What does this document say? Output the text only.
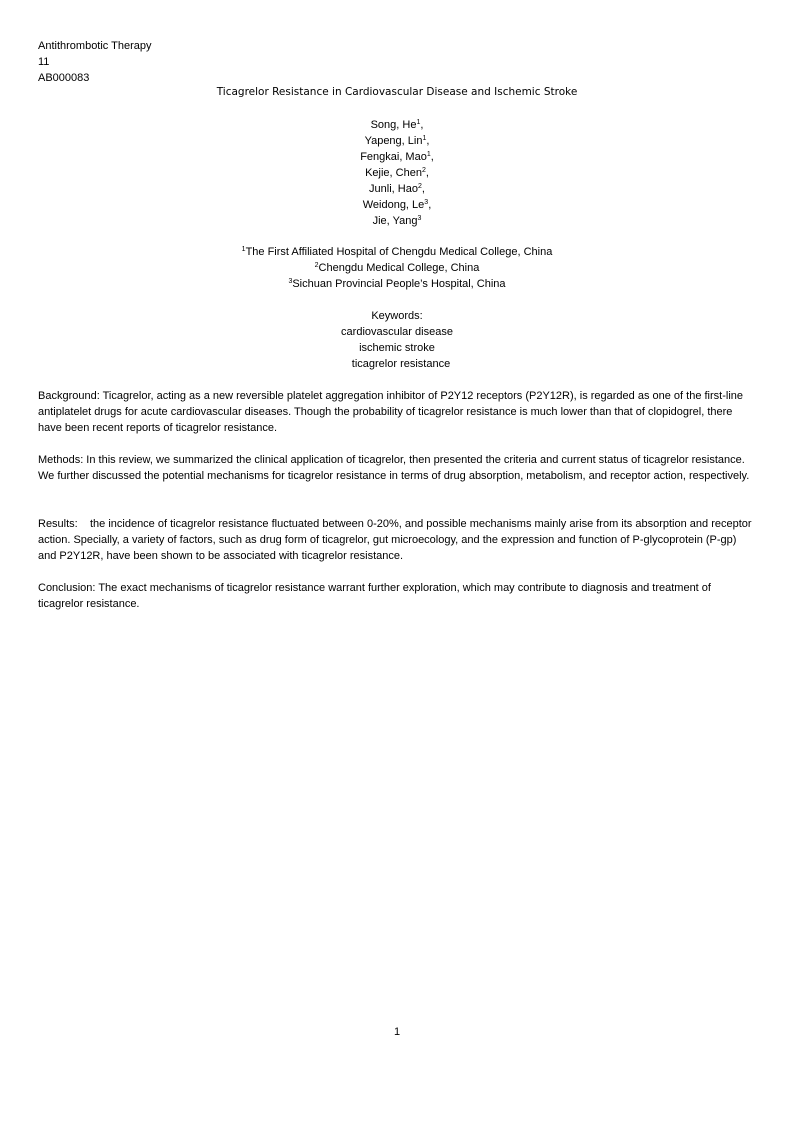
Antithrombotic Therapy
11
AB000083
Ticagrelor Resistance in Cardiovascular Disease and Ischemic Stroke
Song, He$^1$,
Yapeng, Lin$^1$,
Fengkai, Mao$^1$,
Kejie, Chen$^2$,
Junli, Hao$^2$,
Weidong, Le$^3$,
Jie, Yang$^3$
$^1$The First Affiliated Hospital of Chengdu Medical College, China
$^2$Chengdu Medical College, China
$^3$Sichuan Provincial People’s Hospital, China
Keywords:
cardiovascular disease
ischemic stroke
ticagrelor resistance
Background: Ticagrelor, acting as a new reversible platelet aggregation inhibitor of P2Y12 receptors (P2Y12R), is regarded as one of the first-line antiplatelet drugs for acute cardiovascular diseases. Though the probability of ticagrelor resistance is much lower than that of clopidogrel, there have been recent reports of ticagrelor resistance.
Methods: In this review, we summarized the clinical application of ticagrelor, then presented the criteria and current status of ticagrelor resistance. We further discussed the potential mechanisms for ticagrelor resistance in terms of drug absorption, metabolism, and receptor action, respectively.
Results:    the incidence of ticagrelor resistance fluctuated between 0-20%, and possible mechanisms mainly arise from its absorption and receptor action. Specially, a variety of factors, such as drug form of ticagrelor, gut microecology, and the expression and function of P-glycoprotein (P-gp) and P2Y12R, have been shown to be associated with ticagrelor resistance.
Conclusion: The exact mechanisms of ticagrelor resistance warrant further exploration, which may contribute to diagnosis and treatment of ticagrelor resistance.
1
